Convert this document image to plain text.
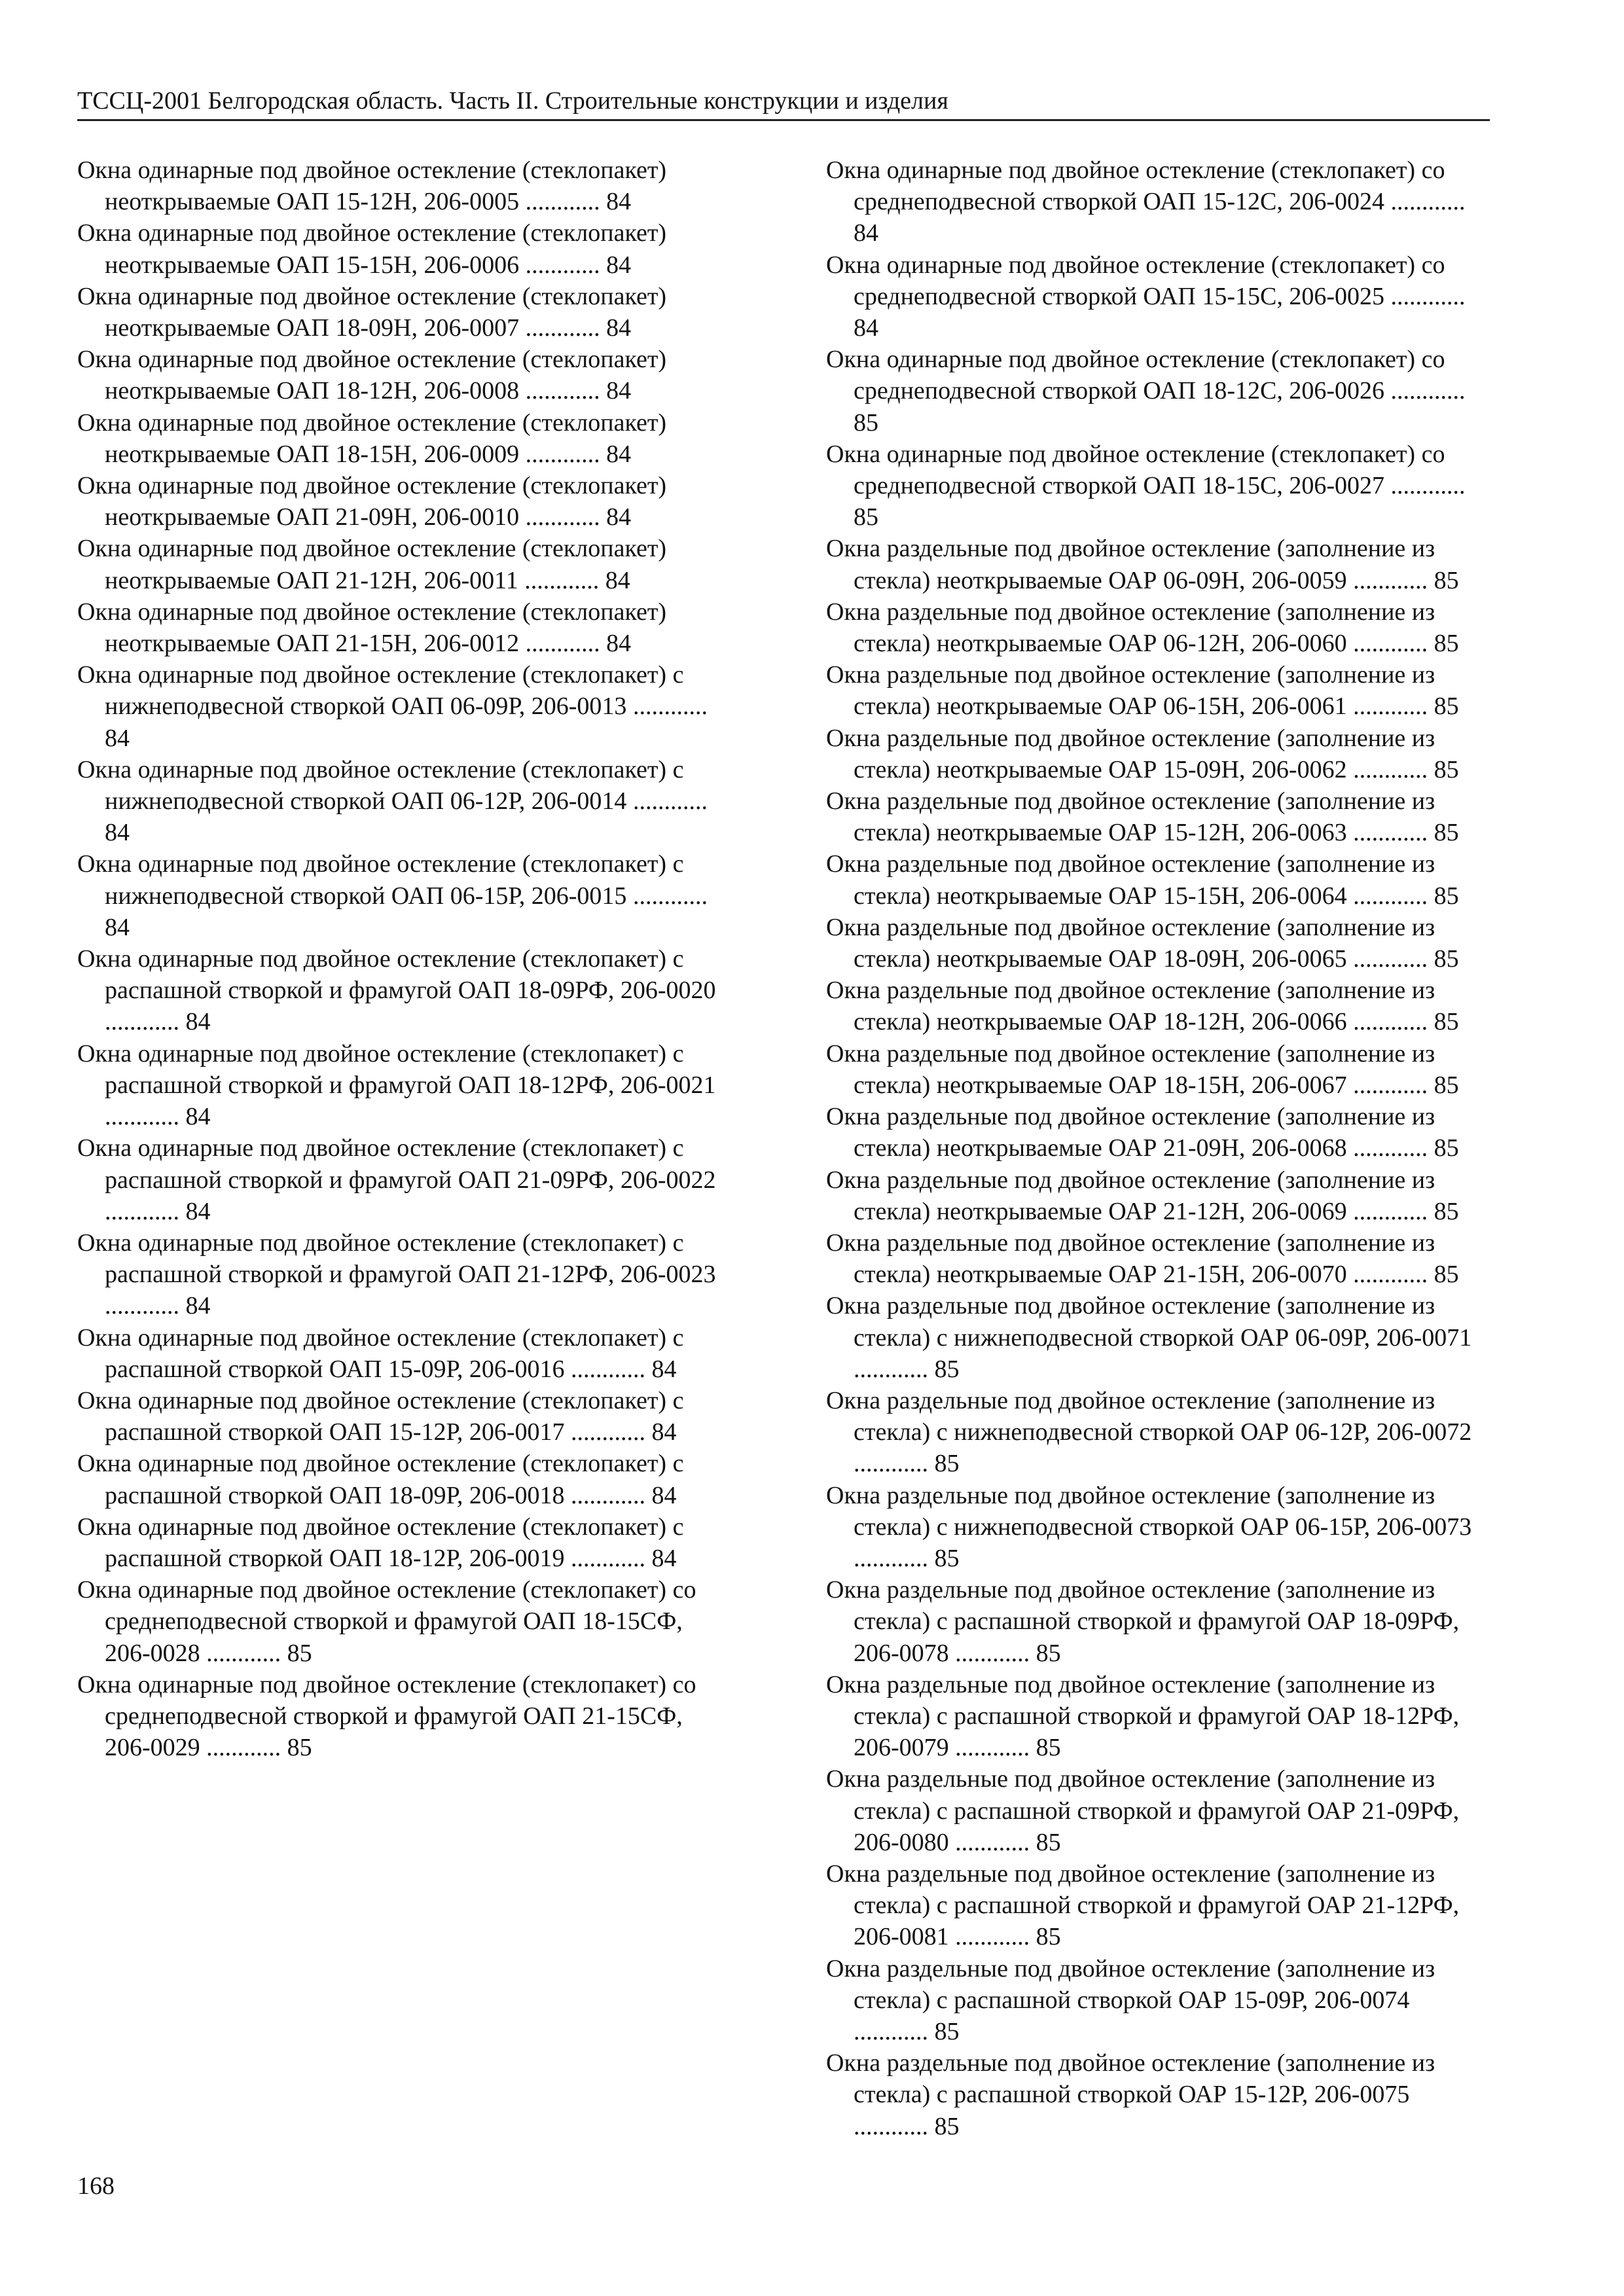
ТССЦ-2001 Белгородская область. Часть II. Строительные конструкции и изделия
Окна одинарные под двойное остекление (стеклопакет) неоткрываемые ОАП 15-12Н, 206-0005 ............ 84
Окна одинарные под двойное остекление (стеклопакет) неоткрываемые ОАП 15-15Н, 206-0006 ............ 84
Окна одинарные под двойное остекление (стеклопакет) неоткрываемые ОАП 18-09Н, 206-0007 ............ 84
Окна одинарные под двойное остекление (стеклопакет) неоткрываемые ОАП 18-12Н, 206-0008 ............ 84
Окна одинарные под двойное остекление (стеклопакет) неоткрываемые ОАП 18-15Н, 206-0009 ............ 84
Окна одинарные под двойное остекление (стеклопакет) неоткрываемые ОАП 21-09Н, 206-0010 ............ 84
Окна одинарные под двойное остекление (стеклопакет) неоткрываемые ОАП 21-12Н, 206-0011 ............ 84
Окна одинарные под двойное остекление (стеклопакет) неоткрываемые ОАП 21-15Н, 206-0012 ............ 84
Окна одинарные под двойное остекление (стеклопакет) с нижнеподвесной створкой ОАП 06-09Р, 206-0013 ............ 84
Окна одинарные под двойное остекление (стеклопакет) с нижнеподвесной створкой ОАП 06-12Р, 206-0014 ............ 84
Окна одинарные под двойное остекление (стеклопакет) с нижнеподвесной створкой ОАП 06-15Р, 206-0015 ............ 84
Окна одинарные под двойное остекление (стеклопакет) с распашной створкой и фрамугой ОАП 18-09РФ, 206-0020 ............ 84
Окна одинарные под двойное остекление (стеклопакет) с распашной створкой и фрамугой ОАП 18-12РФ, 206-0021 ............ 84
Окна одинарные под двойное остекление (стеклопакет) с распашной створкой и фрамугой ОАП 21-09РФ, 206-0022 ............ 84
Окна одинарные под двойное остекление (стеклопакет) с распашной створкой и фрамугой ОАП 21-12РФ, 206-0023 ............ 84
Окна одинарные под двойное остекление (стеклопакет) с распашной створкой ОАП 15-09Р, 206-0016 ............ 84
Окна одинарные под двойное остекление (стеклопакет) с распашной створкой ОАП 15-12Р, 206-0017 ............ 84
Окна одинарные под двойное остекление (стеклопакет) с распашной створкой ОАП 18-09Р, 206-0018 ............ 84
Окна одинарные под двойное остекление (стеклопакет) с распашной створкой ОАП 18-12Р, 206-0019 ............ 84
Окна одинарные под двойное остекление (стеклопакет) со среднеподвесной створкой и фрамугой ОАП 18-15СФ, 206-0028 ............ 85
Окна одинарные под двойное остекление (стеклопакет) со среднеподвесной створкой и фрамугой ОАП 21-15СФ, 206-0029 ............ 85
Окна одинарные под двойное остекление (стеклопакет) со среднеподвесной створкой ОАП 15-12С, 206-0024 ............ 84
Окна одинарные под двойное остекление (стеклопакет) со среднеподвесной створкой ОАП 15-15С, 206-0025 ............ 84
Окна одинарные под двойное остекление (стеклопакет) со среднеподвесной створкой ОАП 18-12С, 206-0026 ............ 85
Окна одинарные под двойное остекление (стеклопакет) со среднеподвесной створкой ОАП 18-15С, 206-0027 ............ 85
Окна раздельные под двойное остекление (заполнение из стекла) неоткрываемые ОАР 06-09Н, 206-0059 ............ 85
Окна раздельные под двойное остекление (заполнение из стекла) неоткрываемые ОАР 06-12Н, 206-0060 ............ 85
Окна раздельные под двойное остекление (заполнение из стекла) неоткрываемые ОАР 06-15Н, 206-0061 ............ 85
Окна раздельные под двойное остекление (заполнение из стекла) неоткрываемые ОАР 15-09Н, 206-0062 ............ 85
Окна раздельные под двойное остекление (заполнение из стекла) неоткрываемые ОАР 15-12Н, 206-0063 ............ 85
Окна раздельные под двойное остекление (заполнение из стекла) неоткрываемые ОАР 15-15Н, 206-0064 ............ 85
Окна раздельные под двойное остекление (заполнение из стекла) неоткрываемые ОАР 18-09Н, 206-0065 ............ 85
Окна раздельные под двойное остекление (заполнение из стекла) неоткрываемые ОАР 18-12Н, 206-0066 ............ 85
Окна раздельные под двойное остекление (заполнение из стекла) неоткрываемые ОАР 18-15Н, 206-0067 ............ 85
Окна раздельные под двойное остекление (заполнение из стекла) неоткрываемые ОАР 21-09Н, 206-0068 ............ 85
Окна раздельные под двойное остекление (заполнение из стекла) неоткрываемые ОАР 21-12Н, 206-0069 ............ 85
Окна раздельные под двойное остекление (заполнение из стекла) неоткрываемые ОАР 21-15Н, 206-0070 ............ 85
Окна раздельные под двойное остекление (заполнение из стекла) с нижнеподвесной створкой ОАР 06-09Р, 206-0071 ............ 85
Окна раздельные под двойное остекление (заполнение из стекла) с нижнеподвесной створкой ОАР 06-12Р, 206-0072 ............ 85
Окна раздельные под двойное остекление (заполнение из стекла) с нижнеподвесной створкой ОАР 06-15Р, 206-0073 ............ 85
Окна раздельные под двойное остекление (заполнение из стекла) с распашной створкой и фрамугой ОАР 18-09РФ, 206-0078 ............ 85
Окна раздельные под двойное остекление (заполнение из стекла) с распашной створкой и фрамугой ОАР 18-12РФ, 206-0079 ............ 85
Окна раздельные под двойное остекление (заполнение из стекла) с распашной створкой и фрамугой ОАР 21-09РФ, 206-0080 ............ 85
Окна раздельные под двойное остекление (заполнение из стекла) с распашной створкой и фрамугой ОАР 21-12РФ, 206-0081 ............ 85
Окна раздельные под двойное остекление (заполнение из стекла) с распашной створкой ОАР 15-09Р, 206-0074 ............ 85
Окна раздельные под двойное остекление (заполнение из стекла) с распашной створкой ОАР 15-12Р, 206-0075 ............ 85
168
